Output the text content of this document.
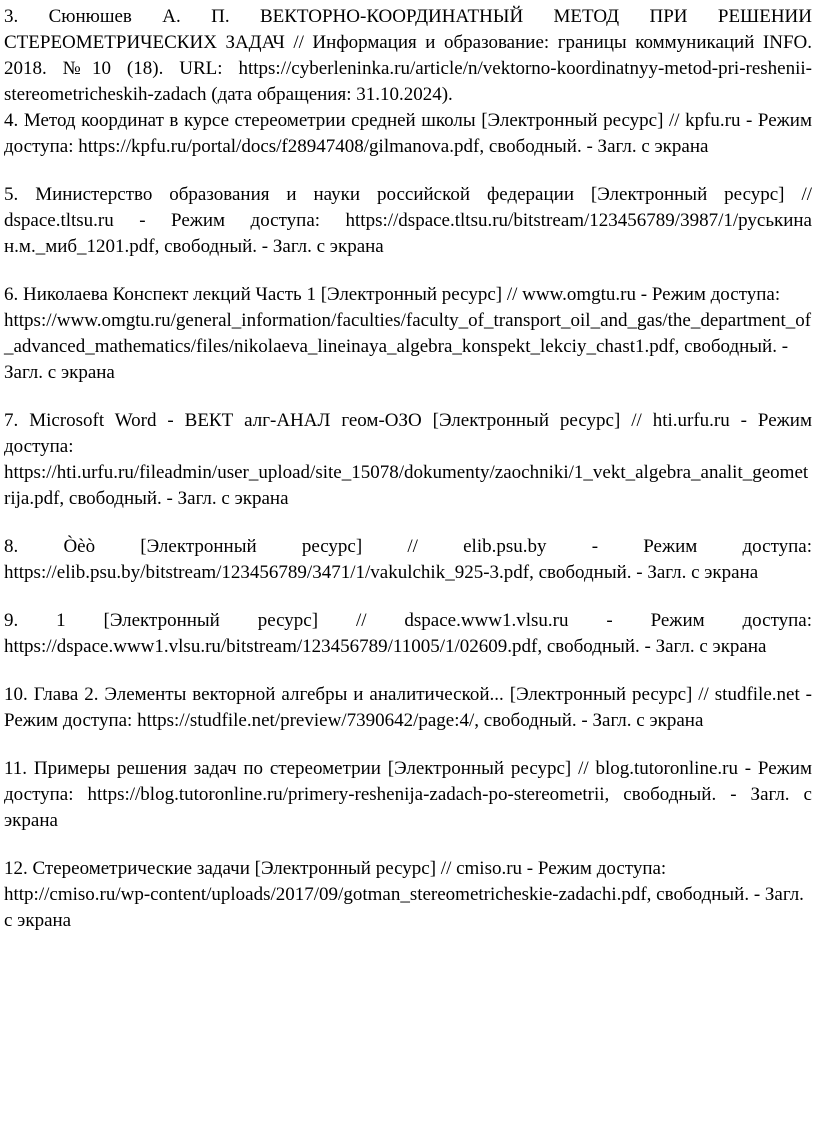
3. Сюнюшев А. П. ВЕКТОРНО-КООРДИНАТНЫЙ МЕТОД ПРИ РЕШЕНИИ СТЕРЕОМЕТРИЧЕСКИХ ЗАДАЧ // Информация и образование: границы коммуникаций INFO. 2018. №10 (18). URL: https://cyberleninka.ru/article/n/vektorno-koordinatnyy-metod-pri-reshenii-stereometricheskih-zadach (дата обращения: 31.10.2024).

4. Метод координат в курсе стереометрии средней школы [Электронный ресурс] // kpfu.ru - Режим доступа: https://kpfu.ru/portal/docs/f28947408/gilmanova.pdf, свободный. - Загл. с экрана

5. Министерство образования и науки российской федерации [Электронный ресурс] // dspace.tltsu.ru - Режим доступа: https://dspace.tltsu.ru/bitstream/123456789/3987/1/руськина н.м._миб_1201.pdf, свободный. - Загл. с экрана

6. Николаева Конспект лекций Часть 1 [Электронный ресурс] // www.omgtu.ru - Режим доступа: https://www.omgtu.ru/general_information/faculties/faculty_of_transport_oil_and_gas/the_department_of_advanced_mathematics/files/nikolaeva_lineinaya_algebra_konspekt_lekciy_chast1.pdf, свободный. - Загл. с экрана

7. Microsoft Word - ВЕКТ алг-АНАЛ геом-ОЗО [Электронный ресурс] // hti.urfu.ru - Режим доступа: https://hti.urfu.ru/fileadmin/user_upload/site_15078/dokumenty/zaochniki/1_vekt_algebra_analit_geometrija.pdf, свободный. - Загл. с экрана

8. Òèò [Электронный ресурс] // elib.psu.by - Режим доступа: https://elib.psu.by/bitstream/123456789/3471/1/vakulchik_925-3.pdf, свободный. - Загл. с экрана

9. 1 [Электронный ресурс] // dspace.www1.vlsu.ru - Режим доступа: https://dspace.www1.vlsu.ru/bitstream/123456789/11005/1/02609.pdf, свободный. - Загл. с экрана

10. Глава 2. Элементы векторной алгебры и аналитической... [Электронный ресурс] // studfile.net - Режим доступа: https://studfile.net/preview/7390642/page:4/, свободный. - Загл. с экрана

11. Примеры решения задач по стереометрии [Электронный ресурс] // blog.tutoronline.ru - Режим доступа: https://blog.tutoronline.ru/primery-reshenija-zadach-po-stereometrii, свободный. - Загл. с экрана

12. Стереометрические задачи [Электронный ресурс] // cmiso.ru - Режим доступа: http://cmiso.ru/wp-content/uploads/2017/09/gotman_stereometricheskie-zadachi.pdf, свободный. - Загл. с экрана
